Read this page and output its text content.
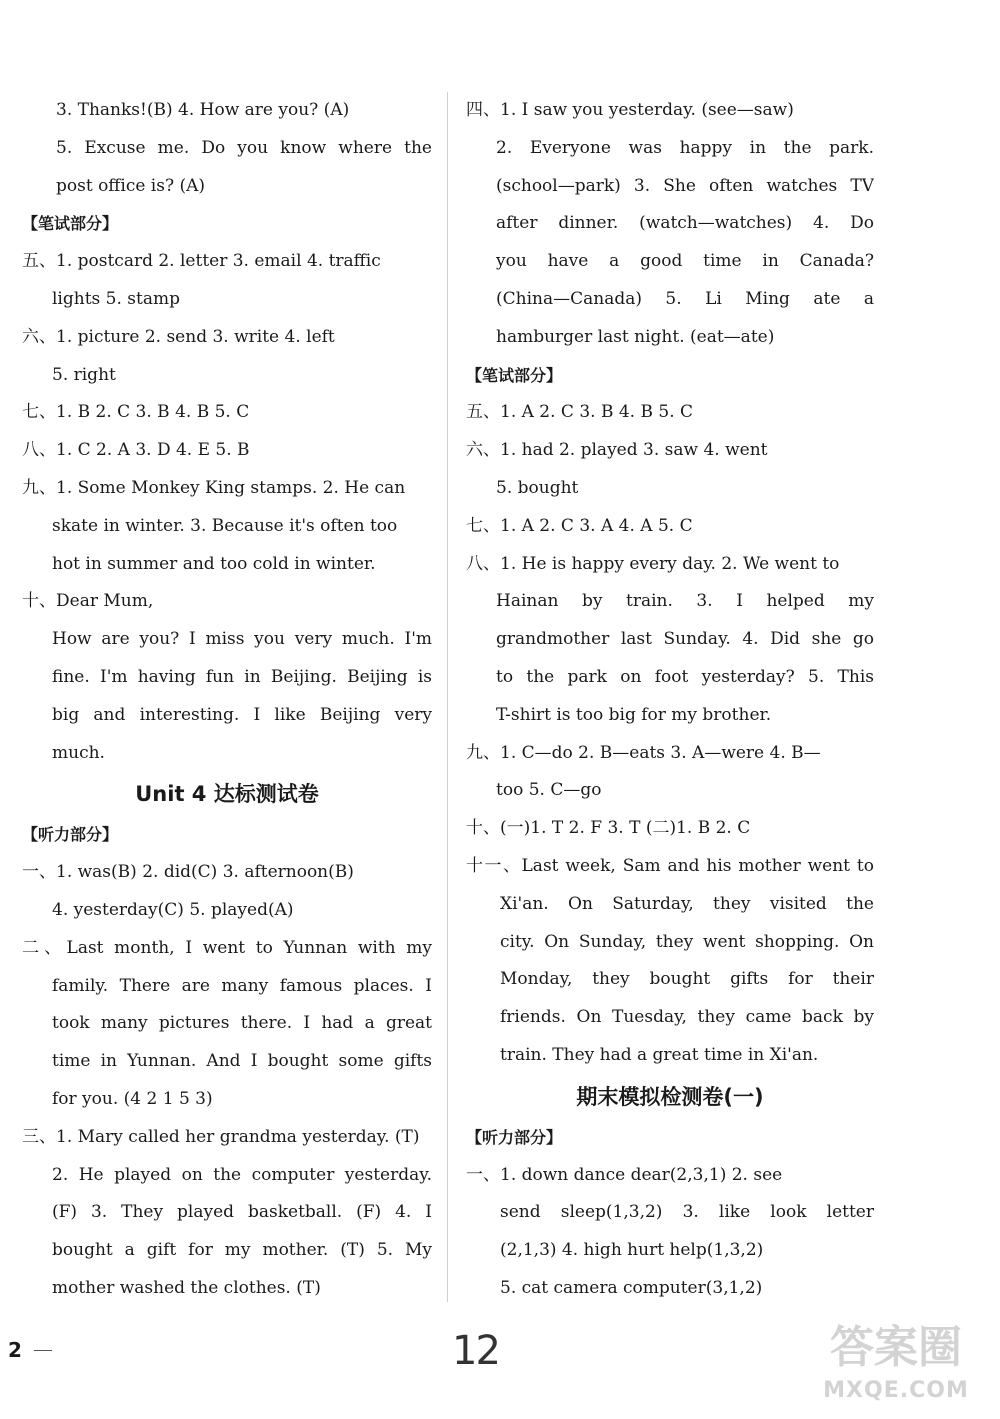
3. Thanks!(B) 4. How are you? (A)
5. Excuse me. Do you know where the
post office is? (A)
【笔试部分】
五、1. postcard 2. letter 3. email 4. traffic
lights 5. stamp
六、1. picture 2. send 3. write 4. left
5. right
七、1. B 2. C 3. B 4. B 5. C
八、1. C 2. A 3. D 4. E 5. B
九、1. Some Monkey King stamps. 2. He can
skate in winter. 3. Because it's often too
hot in summer and too cold in winter.
十、Dear Mum,
How are you? I miss you very much. I'm
fine. I'm having fun in Beijing. Beijing is
big and interesting. I like Beijing very
much.
Unit 4 达标测试卷
【听力部分】
一、1. was(B) 2. did(C) 3. afternoon(B)
4. yesterday(C) 5. played(A)
二、Last month, I went to Yunnan with my
family. There are many famous places. I
took many pictures there. I had a great
time in Yunnan. And I bought some gifts
for you. (4 2 1 5 3)
三、1. Mary called her grandma yesterday. (T)
2. He played on the computer yesterday.
(F) 3. They played basketball. (F) 4. I
bought a gift for my mother. (T) 5. My
mother washed the clothes. (T)
四、1. I saw you yesterday. (see—saw)
2. Everyone was happy in the park.
(school—park) 3. She often watches TV
after dinner. (watch—watches) 4. Do
you have a good time in Canada?
(China—Canada) 5. Li Ming ate a
hamburger last night. (eat—ate)
【笔试部分】
五、1. A 2. C 3. B 4. B 5. C
六、1. had 2. played 3. saw 4. went
5. bought
七、1. A 2. C 3. A 4. A 5. C
八、1. He is happy every day. 2. We went to
Hainan by train. 3. I helped my
grandmother last Sunday. 4. Did she go
to the park on foot yesterday? 5. This
T-shirt is too big for my brother.
九、1. C—do 2. B—eats 3. A—were 4. B—
too 5. C—go
十、(一)1. T 2. F 3. T (二)1. B 2. C
十一、Last week, Sam and his mother went to
Xi'an. On Saturday, they visited the
city. On Sunday, they went shopping. On
Monday, they bought gifts for their
friends. On Tuesday, they came back by
train. They had a great time in Xi'an.
期末模拟检测卷(一)
【听力部分】
一、1. down dance dear(2,3,1) 2. see
send sleep(1,3,2) 3. like look letter
(2,1,3) 4. high hurt help(1,3,2)
5. cat camera computer(3,1,2)
2	12	答案圈
MXQE.COM
